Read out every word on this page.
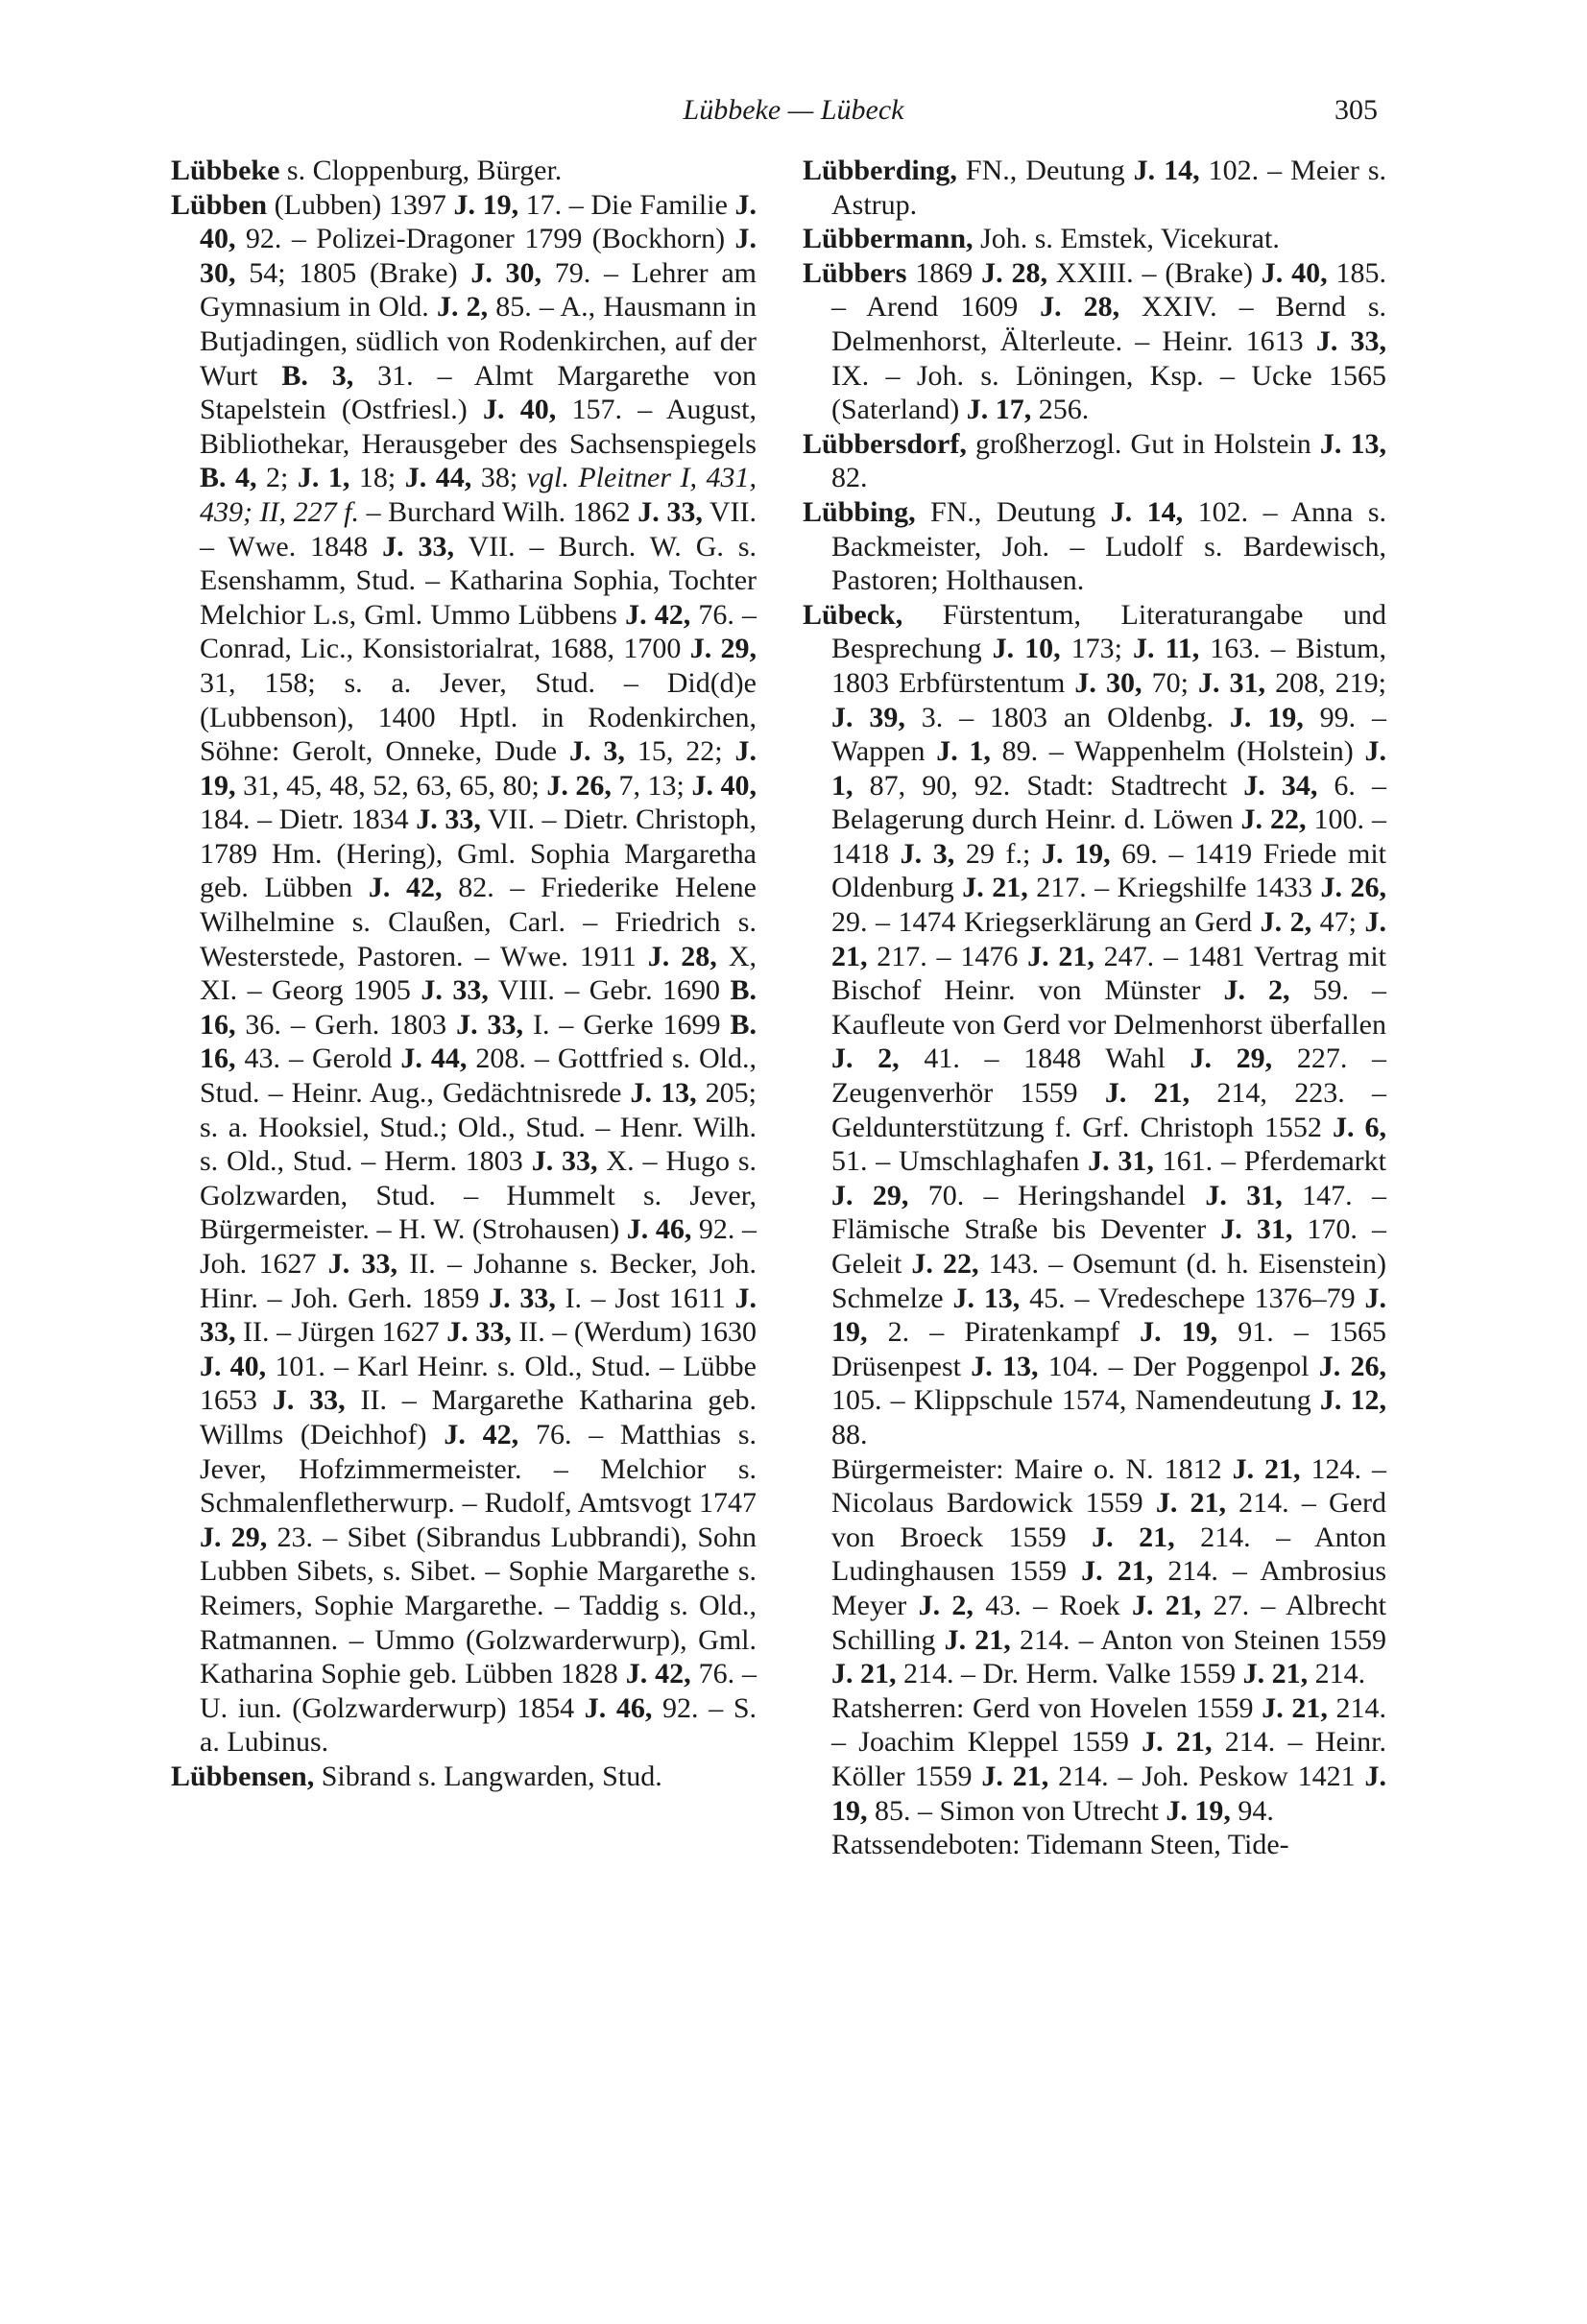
Lübbeke — Lübeck	305

Lübbeke s. Cloppenburg, Bürger.

Lübben (Lubben) 1397 J. 19, 17. – Die Familie J. 40, 92. – Polizei-Dragoner 1799 (Bockhorn) J. 30, 54; 1805 (Brake) J. 30, 79. – Lehrer am Gymnasium in Old. J. 2, 85. – A., Hausmann in Butjadingen, südlich von Rodenkirchen, auf der Wurt B. 3, 31. – Almt Margarethe von Stapelstein (Ostfriesl.) J. 40, 157. – August, Bibliothekar, Herausgeber des Sachsenspiegels B. 4, 2; J. 1, 18; J. 44, 38; vgl. Pleitner I, 431, 439; II, 227 f. – Burchard Wilh. 1862 J. 33, VII. – Wwe. 1848 J. 33, VII. – Burch. W. G. s. Esenshamm, Stud. – Katharina Sophia, Tochter Melchior L.s, Gml. Ummo Lübbens J. 42, 76. – Conrad, Lic., Konsistorialrat, 1688, 1700 J. 29, 31, 158; s. a. Jever, Stud. – Did(d)e (Lubbenson), 1400 Hptl. in Rodenkirchen, Söhne: Gerolt, Onneke, Dude J. 3, 15, 22; J. 19, 31, 45, 48, 52, 63, 65, 80; J. 26, 7, 13; J. 40, 184. – Dietr. 1834 J. 33, VII. – Dietr. Christoph, 1789 Hm. (Hering), Gml. Sophia Margaretha geb. Lübben J. 42, 82. – Friederike Helene Wilhelmine s. Claußen, Carl. – Friedrich s. Westerstede, Pastoren. – Wwe. 1911 J. 28, X, XI. – Georg 1905 J. 33, VIII. – Gebr. 1690 B. 16, 36. – Gerh. 1803 J. 33, I. – Gerke 1699 B. 16, 43. – Gerold J. 44, 208. – Gottfried s. Old., Stud. – Heinr. Aug., Gedächtnisrede J. 13, 205; s. a. Hooksiel, Stud.; Old., Stud. – Henr. Wilh. s. Old., Stud. – Herm. 1803 J. 33, X. – Hugo s. Golzwarden, Stud. – Hummelt s. Jever, Bürgermeister. – H. W. (Strohausen) J. 46, 92. – Joh. 1627 J. 33, II. – Johanne s. Becker, Joh. Hinr. – Joh. Gerh. 1859 J. 33, I. – Jost 1611 J. 33, II. – Jürgen 1627 J. 33, II. – (Werdum) 1630 J. 40, 101. – Karl Heinr. s. Old., Stud. – Lübbe 1653 J. 33, II. – Margarethe Katharina geb. Willms (Deichhof) J. 42, 76. – Matthias s. Jever, Hofzimmermeister. – Melchior s. Schmalenfletherwurp. – Rudolf, Amtsvogt 1747 J. 29, 23. – Sibet (Sibrandus Lubbrandi), Sohn Lubben Sibets, s. Sibet. – Sophie Margarethe s. Reimers, Sophie Margarethe. – Taddig s. Old., Ratmannen. – Ummo (Golzwarderwurp), Gml. Katharina Sophie geb. Lübben 1828 J. 42, 76. – U. iun. (Golzwarderwurp) 1854 J. 46, 92. – S. a. Lubinus.

Lübbensen, Sibrand s. Langwarden, Stud.

Lübberding, FN., Deutung J. 14, 102. – Meier s. Astrup.

Lübbermann, Joh. s. Emstek, Vicekurat.

Lübbers 1869 J. 28, XXIII. – (Brake) J. 40, 185. – Arend 1609 J. 28, XXIV. – Bernd s. Delmenhorst, Älterleute. – Heinr. 1613 J. 33, IX. – Joh. s. Löningen, Ksp. – Ucke 1565 (Saterland) J. 17, 256.

Lübbersdorf, großherzogl. Gut in Holstein J. 13, 82.

Lübbing, FN., Deutung J. 14, 102. – Anna s. Backmeister, Joh. – Ludolf s. Bardewisch, Pastoren; Holthausen.

Lübeck, Fürstentum, Literaturangabe und Besprechung J. 10, 173; J. 11, 163. – Bistum, 1803 Erbfürstentum J. 30, 70; J. 31, 208, 219; J. 39, 3. – 1803 an Oldenbg. J. 19, 99. – Wappen J. 1, 89. – Wappenhelm (Holstein) J. 1, 87, 90, 92. Stadt: Stadtrecht J. 34, 6. – Belagerung durch Heinr. d. Löwen J. 22, 100. – 1418 J. 3, 29 f.; J. 19, 69. – 1419 Friede mit Oldenburg J. 21, 217. – Kriegshilfe 1433 J. 26, 29. – 1474 Kriegserklärung an Gerd J. 2, 47; J. 21, 217. – 1476 J. 21, 247. – 1481 Vertrag mit Bischof Heinr. von Münster J. 2, 59. – Kaufleute von Gerd vor Delmenhorst überfallen J. 2, 41. – 1848 Wahl J. 29, 227. – Zeugenverhör 1559 J. 21, 214, 223. – Geldunterstützung f. Grf. Christoph 1552 J. 6, 51. – Umschlaghafen J. 31, 161. – Pferdemarkt J. 29, 70. – Heringshandel J. 31, 147. – Flämische Straße bis Deventer J. 31, 170. – Geleit J. 22, 143. – Osemunt (d. h. Eisenstein) Schmelze J. 13, 45. – Vredeschepe 1376–79 J. 19, 2. – Piratenkampf J. 19, 91. – 1565 Drüsenpest J. 13, 104. – Der Poggenpol J. 26, 105. – Klippschule 1574, Namendeutung J. 12, 88.

Bürgermeister: Maire o. N. 1812 J. 21, 124. – Nicolaus Bardowick 1559 J. 21, 214. – Gerd von Broeck 1559 J. 21, 214. – Anton Ludinghausen 1559 J. 21, 214. – Ambrosius Meyer J. 2, 43. – Roek J. 21, 27. – Albrecht Schilling J. 21, 214. – Anton von Steinen 1559 J. 21, 214. – Dr. Herm. Valke 1559 J. 21, 214.

Ratsherren: Gerd von Hovelen 1559 J. 21, 214. – Joachim Kleppel 1559 J. 21, 214. – Heinr. Köller 1559 J. 21, 214. – Joh. Peskow 1421 J. 19, 85. – Simon von Utrecht J. 19, 94.

Ratssendeboten: Tidemann Steen, Tide-
